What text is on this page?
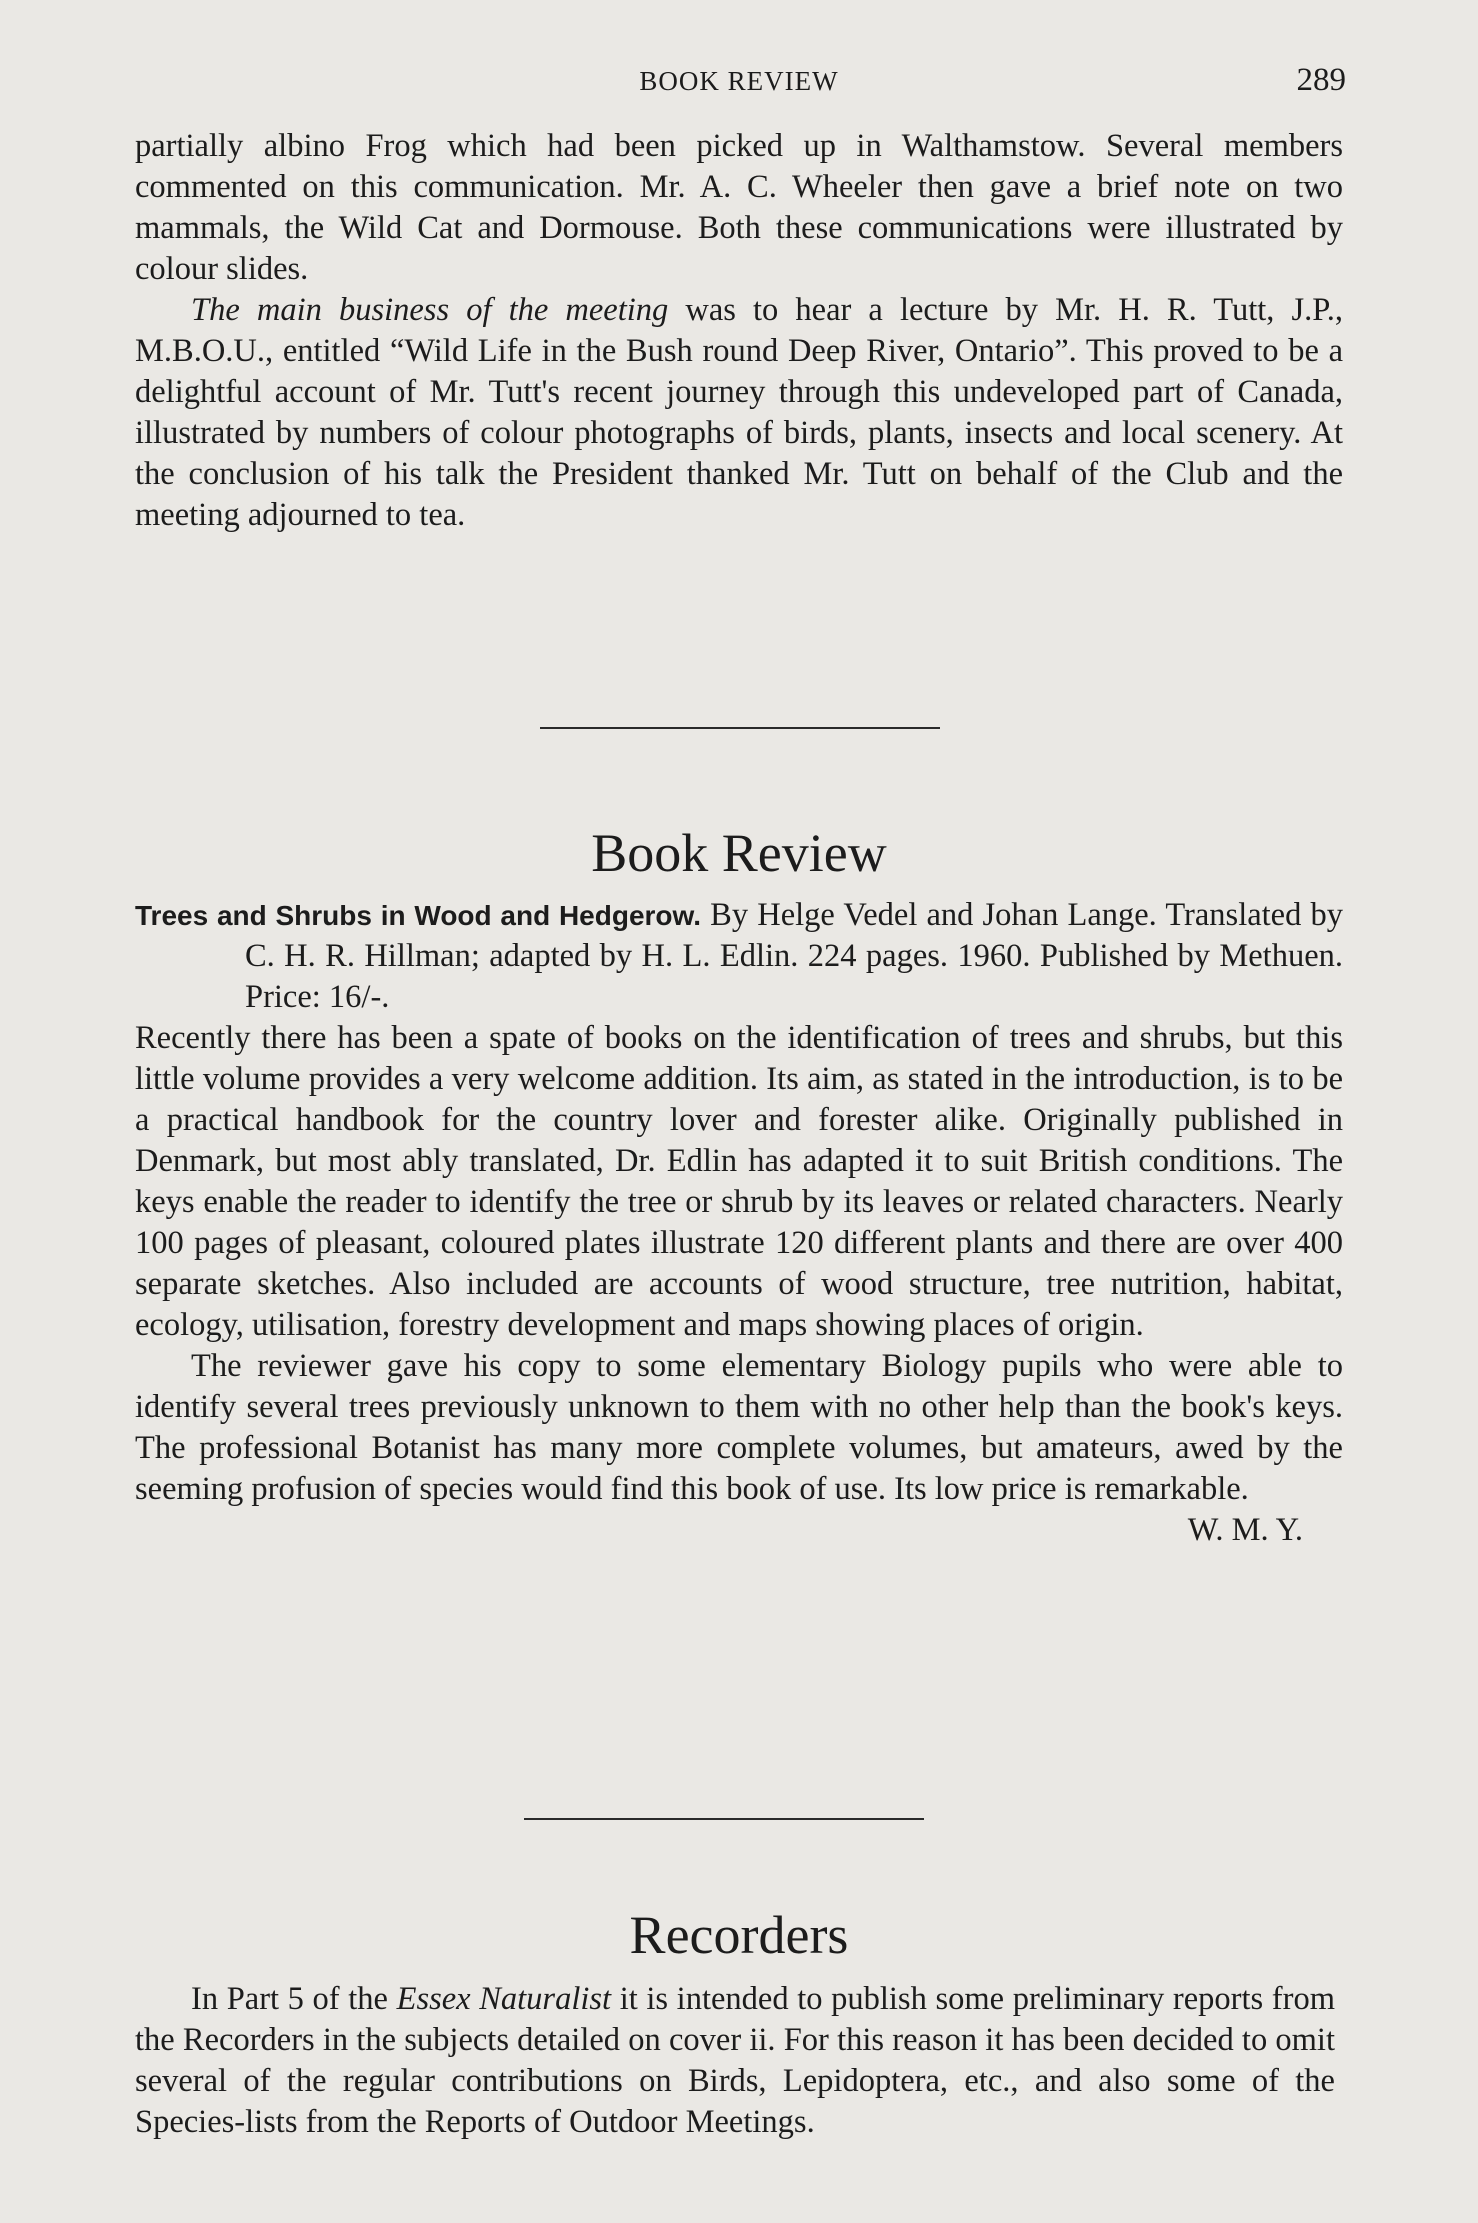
BOOK REVIEW	289

partially albino Frog which had been picked up in Walthamstow. Several members commented on this communication. Mr. A. C. Wheeler then gave a brief note on two mammals, the Wild Cat and Dormouse. Both these communications were illustrated by colour slides.

The main business of the meeting was to hear a lecture by Mr. H. R. Tutt, J.P., M.B.O.U., entitled “Wild Life in the Bush round Deep River, Ontario”. This proved to be a delightful account of Mr. Tutt's recent journey through this undeveloped part of Canada, illustrated by numbers of colour photographs of birds, plants, insects and local scenery. At the conclusion of his talk the President thanked Mr. Tutt on behalf of the Club and the meeting adjourned to tea.

Book Review

Trees and Shrubs in Wood and Hedgerow. By Helge Vedel and Johan Lange. Translated by C. H. R. Hillman; adapted by H. L. Edlin. 224 pages. 1960. Published by Methuen. Price: 16/-.

Recently there has been a spate of books on the identification of trees and shrubs, but this little volume provides a very welcome addition. Its aim, as stated in the introduction, is to be a practical handbook for the country lover and forester alike. Originally published in Denmark, but most ably translated, Dr. Edlin has adapted it to suit British conditions. The keys enable the reader to identify the tree or shrub by its leaves or related characters. Nearly 100 pages of pleasant, coloured plates illustrate 120 different plants and there are over 400 separate sketches. Also included are accounts of wood structure, tree nutrition, habitat, ecology, utilisation, forestry development and maps showing places of origin.

The reviewer gave his copy to some elementary Biology pupils who were able to identify several trees previously unknown to them with no other help than the book's keys. The professional Botanist has many more complete volumes, but amateurs, awed by the seeming profusion of species would find this book of use. Its low price is remarkable.

W. M. Y.

Recorders

In Part 5 of the Essex Naturalist it is intended to publish some preliminary reports from the Recorders in the subjects detailed on cover ii. For this reason it has been decided to omit several of the regular contributions on Birds, Lepidoptera, etc., and also some of the Species-lists from the Reports of Outdoor Meetings.
